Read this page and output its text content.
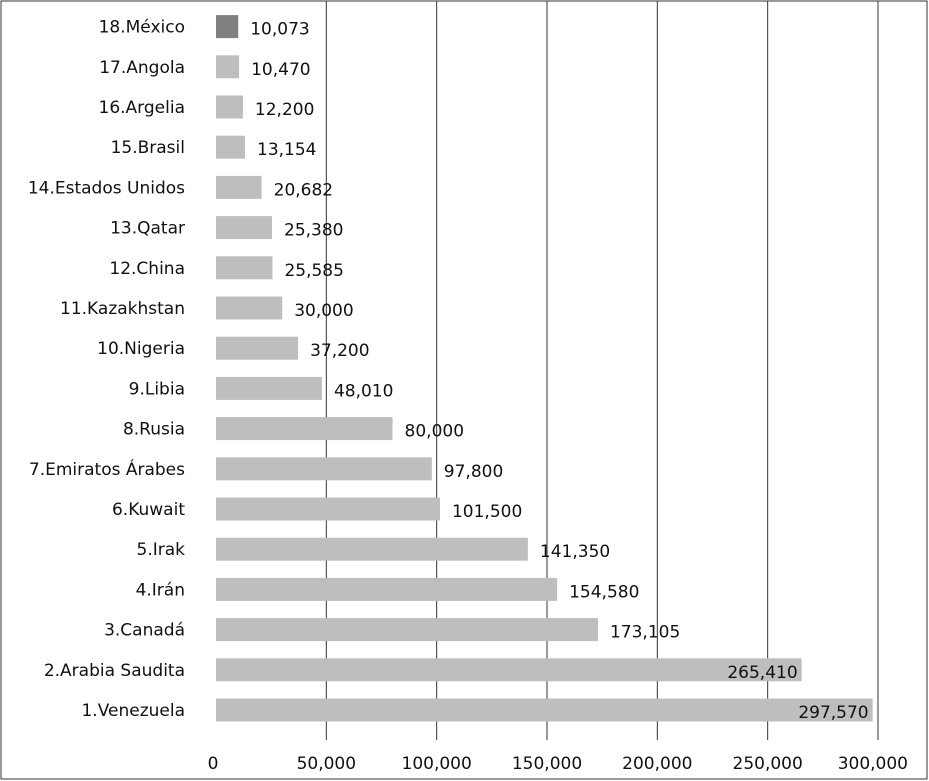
1.Venezuela
2.Arabia Saudita
3.Canadá
4.Irán
5.Irak
6.Kuwait
7.Emiratos Árabes
8.Rusia
9.Libia
10.Nigeria
11.Kazakhstan
12.China
13.Qatar
14.Estados Unidos
15.Brasil
16.Argelia
17.Angola
18.México
297,570
265,410
173,105
154,580
141,350
101,500
97,800
80,000
48,010
37,200
30,000
25,585
25,380
20,682
13,154
12,200
10,470
10,073
0	50,000	100,000 150,000 200,000 250,000 300,000
